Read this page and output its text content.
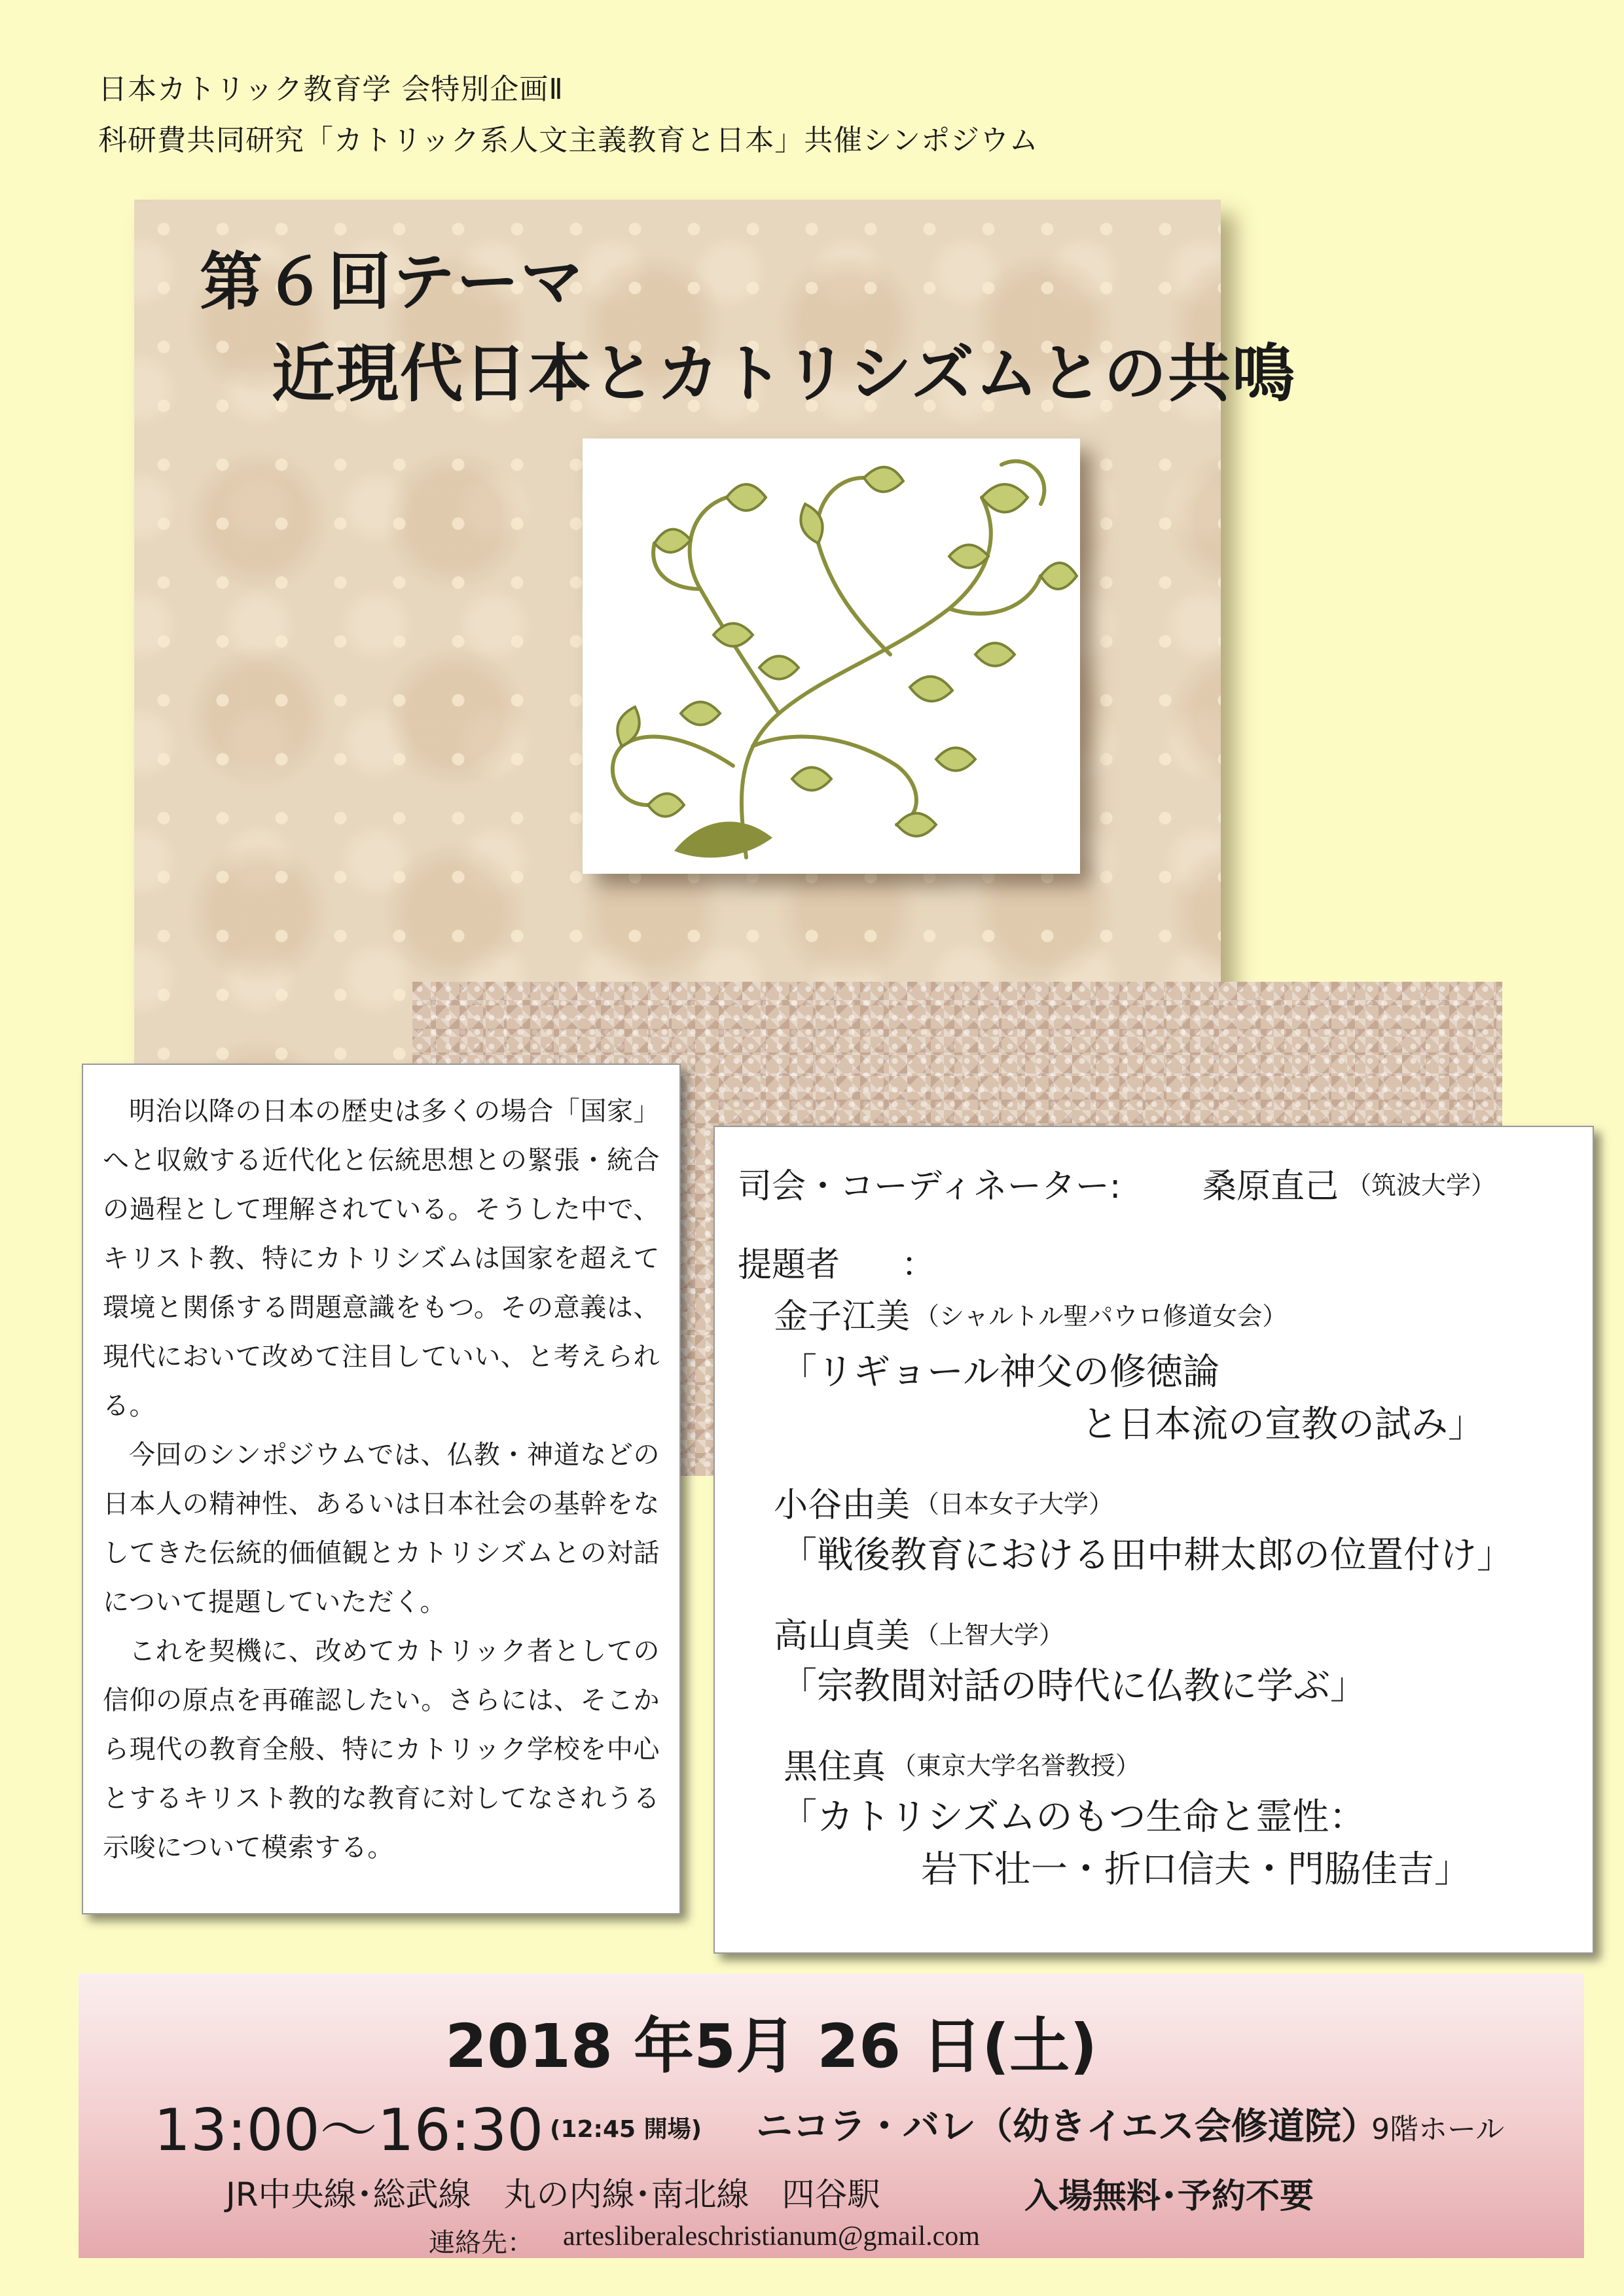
日本カトリック教育学 会特別企画Ⅱ
科研費共同研究「カトリック系人文主義教育と日本」共催シンポジウム
第６回テーマ
近現代日本とカトリシズムとの共鳴

明治以降の日本の歴史は多くの場合「国家」へと収斂する近代化と伝統思想との緊張・統合の過程として理解されている。そうした中で、キリスト教、特にカトリシズムは国家を超えて環境と関係する問題意識をもつ。その意義は、現代において改めて注目していい、と考えられる。

今回のシンポジウムでは、仏教・神道などの日本人の精神性、あるいは日本社会の基幹をなしてきた伝統的価値観とカトリシズムとの対話について提題していただく。

これを契機に、改めてカトリック者としての信仰の原点を再確認したい。さらには、そこから現代の教育全般、特にカトリック学校を中心とするキリスト教的な教育に対してなされうる示唆について模索する。

司会・コーディネーター: 桑原直己 （筑波大学）
提題者 ：
金子江美 （シャルトル聖パウロ修道女会）
「リギョール神父の修徳論
と日本流の宣教の試み」
小谷由美 （日本女子大学）
「戦後教育における田中耕太郎の位置付け」
高山貞美 （上智大学）
「宗教間対話の時代に仏教に学ぶ」
黒住真 （東京大学名誉教授）
「カトリシズムのもつ生命と霊性：
岩下壮一・折口信夫・門脇佳吉」
2018 年5月 26 日(土)
13:00～16:30 (12:45 開場) ニコラ・バレ（幼きイエス会修道院）
9階ホール
JR中央線･総武線　丸の内線･南北線　四谷駅	入場無料･予約不要
連絡先： artesliberaleschristianum@gmail.com
